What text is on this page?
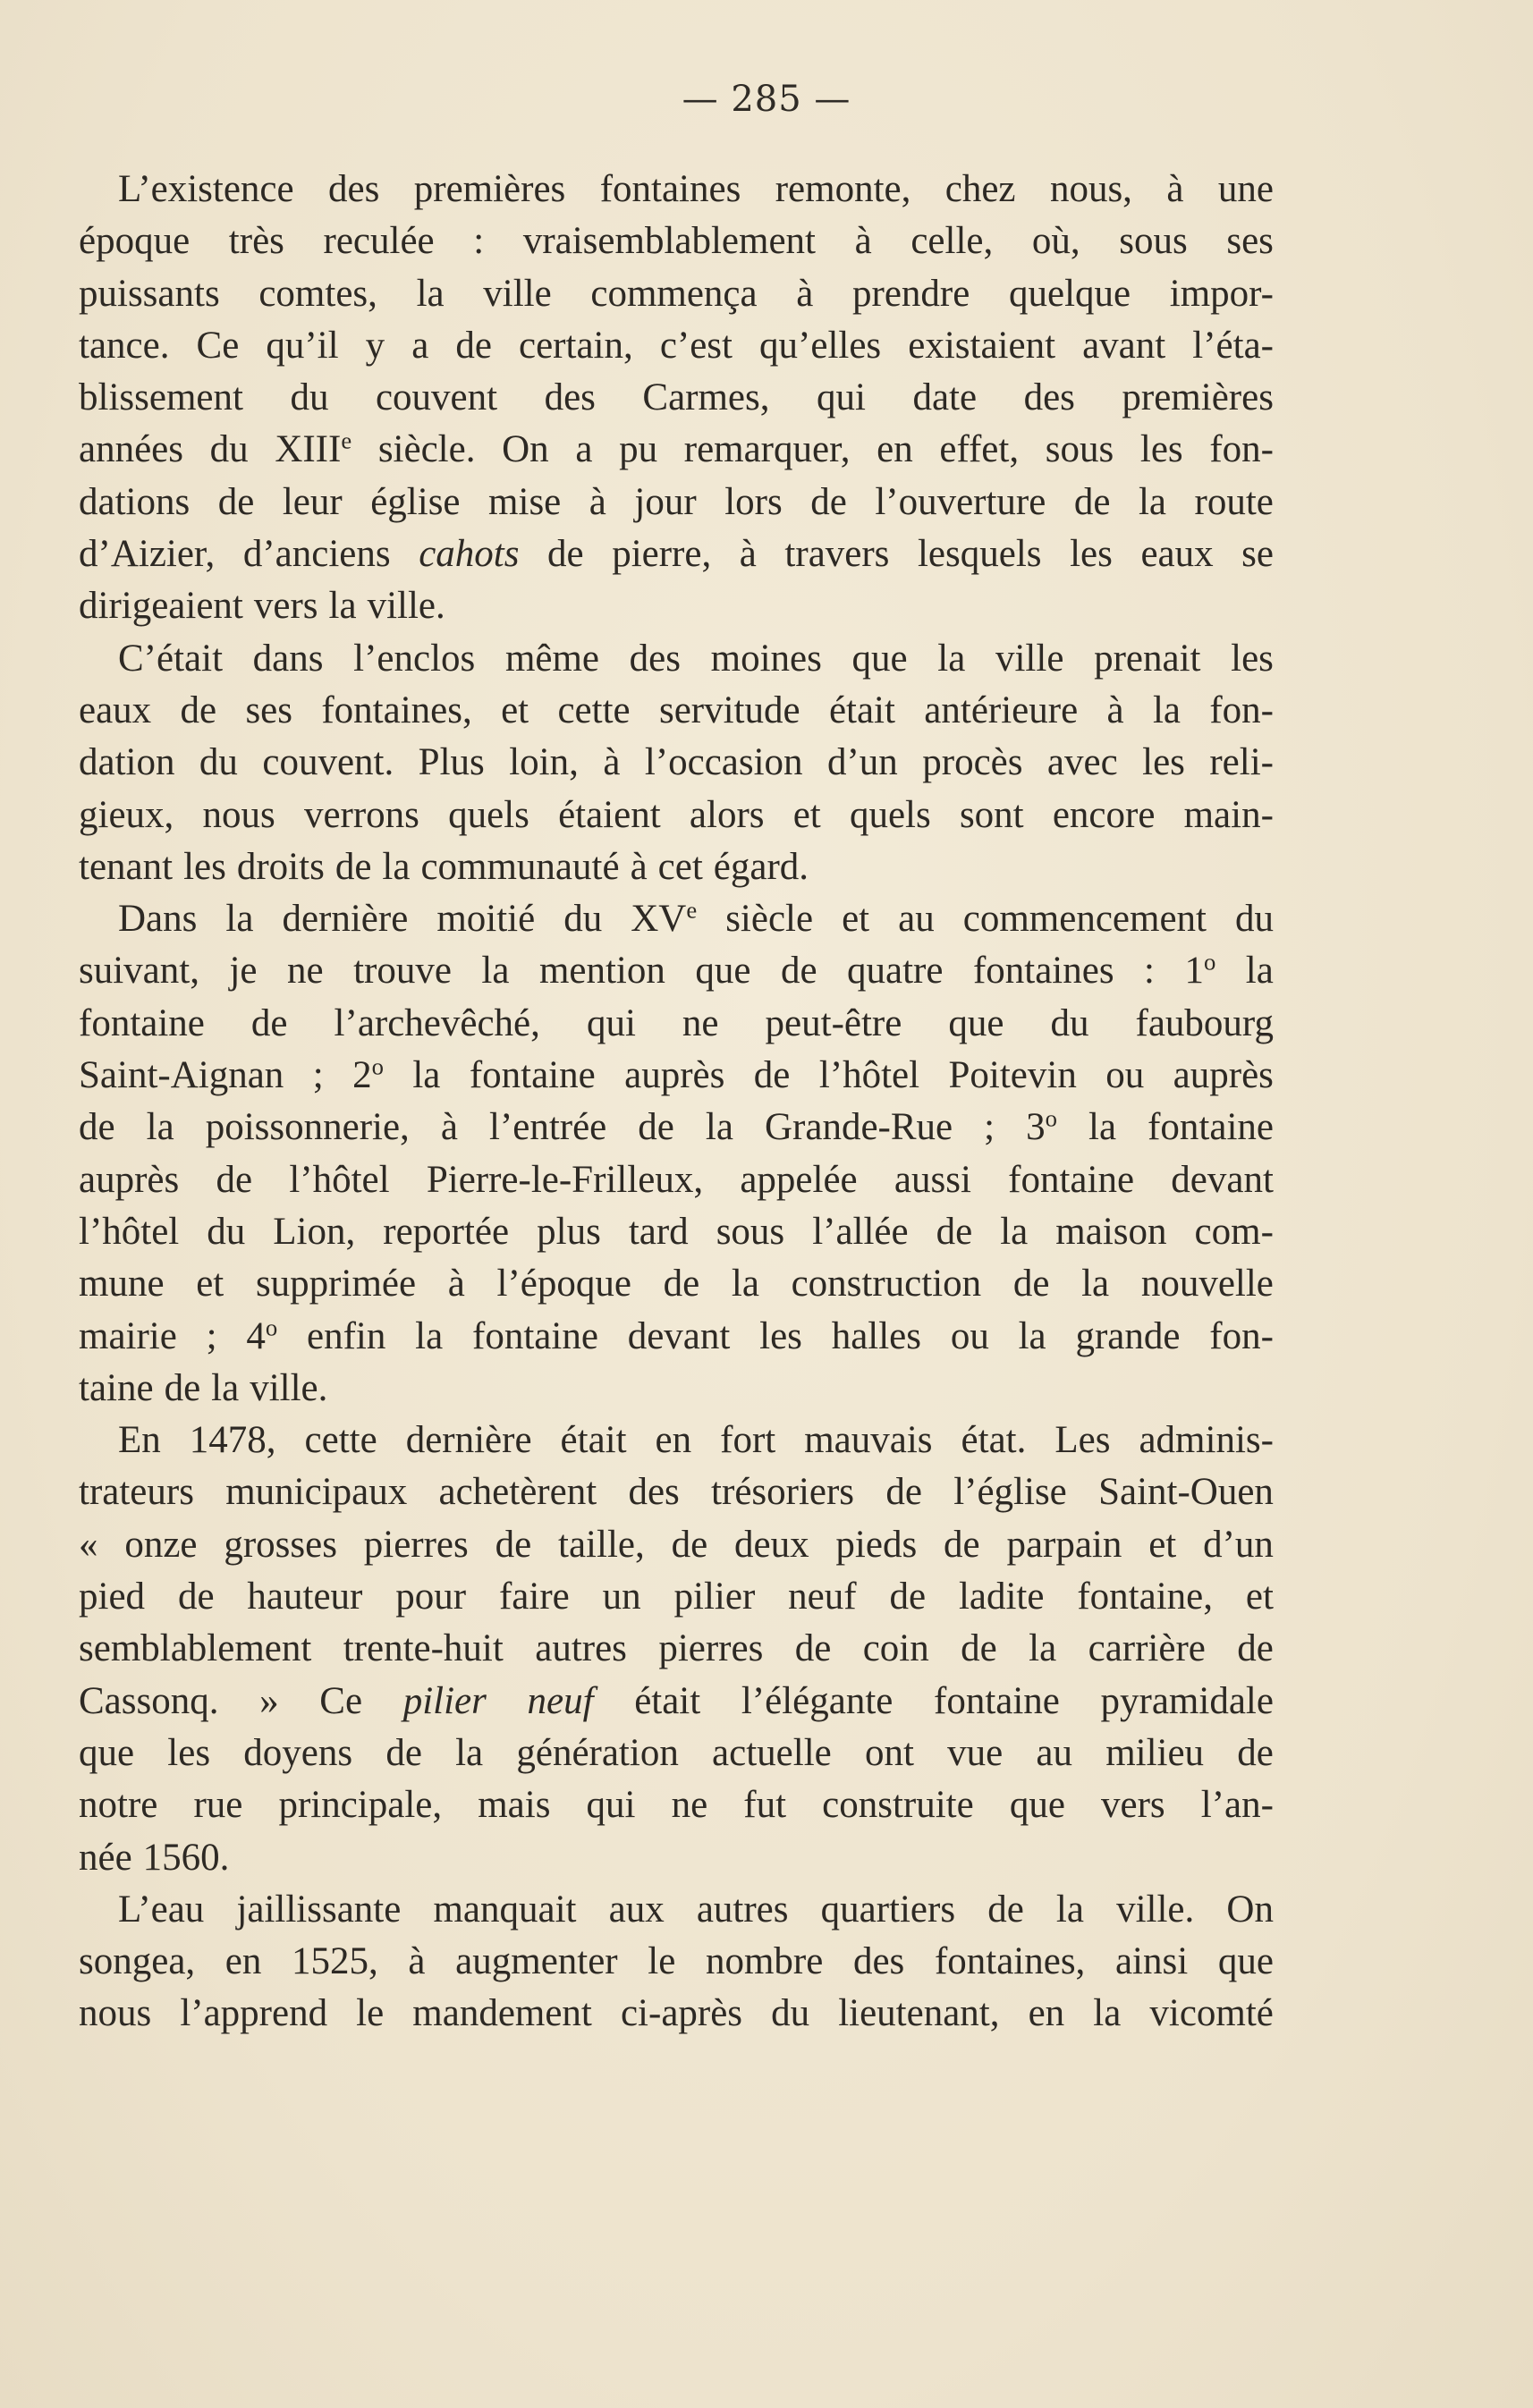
— 285 —
L’existence des premières fontaines remonte, chez nous, à une
époque très reculée : vraisemblablement à celle, où, sous ses
puissants comtes, la ville commença à prendre quelque impor-
tance. Ce qu’il y a de certain, c’est qu’elles existaient avant l’éta-
blissement du couvent des Carmes, qui date des premières
années du XIIIe siècle. On a pu remarquer, en effet, sous les fon-
dations de leur église mise à jour lors de l’ouverture de la route
d’Aizier, d’anciens cahots de pierre, à travers lesquels les eaux se
dirigeaient vers la ville.
C’était dans l’enclos même des moines que la ville prenait les
eaux de ses fontaines, et cette servitude était antérieure à la fon-
dation du couvent. Plus loin, à l’occasion d’un procès avec les reli-
gieux, nous verrons quels étaient alors et quels sont encore main-
tenant les droits de la communauté à cet égard.
Dans la dernière moitié du XVe siècle et au commencement du
suivant, je ne trouve la mention que de quatre fontaines : 1$^o$ la
fontaine de l’archevêché, qui ne peut-être que du faubourg
Saint-Aignan ; 2$^o$ la fontaine auprès de l’hôtel Poitevin ou auprès
de la poissonnerie, à l’entrée de la Grande-Rue ; 3$^o$ la fontaine
auprès de l’hôtel Pierre-le-Frilleux, appelée aussi fontaine devant
l’hôtel du Lion, reportée plus tard sous l’allée de la maison com-
mune et supprimée à l’époque de la construction de la nouvelle
mairie ; 4$^o$ enfin la fontaine devant les halles ou la grande fon-
taine de la ville.
En 1478, cette dernière était en fort mauvais état. Les adminis-
trateurs municipaux achetèrent des trésoriers de l’église Saint-Ouen
« onze grosses pierres de taille, de deux pieds de parpain et d’un
pied de hauteur pour faire un pilier neuf de ladite fontaine, et
semblablement trente-huit autres pierres de coin de la carrière de
Cassonq. » Ce pilier neuf était l’élégante fontaine pyramidale
que les doyens de la génération actuelle ont vue au milieu de
notre rue principale, mais qui ne fut construite que vers l’an-
née 1560.
L’eau jaillissante manquait aux autres quartiers de la ville. On
songea, en 1525, à augmenter le nombre des fontaines, ainsi que
nous l’apprend le mandement ci-après du lieutenant, en la vicomté
